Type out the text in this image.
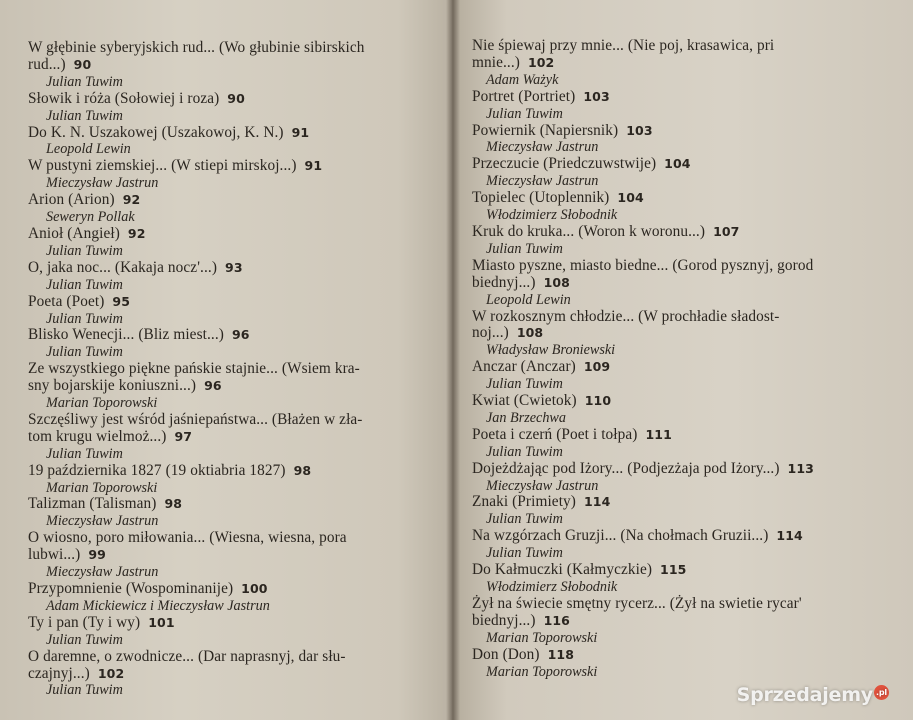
W głębinie syberyjskich rud... (Wo głubinie sibirskich
rud...) 90
Julian Tuwim
Słowik i róża (Sołowiej i roza) 90
Julian Tuwim
Do K. N. Uszakowej (Uszakowoj, K. N.) 91
Leopold Lewin
W pustyni ziemskiej... (W stiepi mirskoj...) 91
Mieczysław Jastrun
Arion (Arion) 92
Seweryn Pollak
Anioł (Angieł) 92
Julian Tuwim
O, jaka noc... (Kakaja nocz'...) 93
Julian Tuwim
Poeta (Poet) 95
Julian Tuwim
Blisko Wenecji... (Bliz miest...) 96
Julian Tuwim
Ze wszystkiego piękne pańskie stajnie... (Wsiem kra-
sny bojarskije koniuszni...) 96
Marian Toporowski
Szczęśliwy jest wśród jaśniepaństwa... (Błażen w zła-
tom krugu wielmoż...) 97
Julian Tuwim
19 października 1827 (19 oktiabria 1827) 98
Marian Toporowski
Talizman (Talisman) 98
Mieczysław Jastrun
O wiosno, poro miłowania... (Wiesna, wiesna, pora
lubwi...) 99
Mieczysław Jastrun
Przypomnienie (Wospominanije) 100
Adam Mickiewicz i Mieczysław Jastrun
Ty i pan (Ty i wy) 101
Julian Tuwim
O daremne, o zwodnicze... (Dar naprasnyj, dar słu-
czajnyj...) 102
Julian Tuwim
Nie śpiewaj przy mnie... (Nie poj, krasawica, pri
mnie...) 102
Adam Ważyk
Portret (Portriet) 103
Julian Tuwim
Powiernik (Napiersnik) 103
Mieczysław Jastrun
Przeczucie (Priedczuwstwije) 104
Mieczysław Jastrun
Topielec (Utoplennik) 104
Włodzimierz Słobodnik
Kruk do kruka... (Woron k woronu...) 107
Julian Tuwim
Miasto pyszne, miasto biedne... (Gorod pysznyj, gorod
biednyj...) 108
Leopold Lewin
W rozkosznym chłodzie... (W prochładie sładost-
noj...) 108
Władysław Broniewski
Anczar (Anczar) 109
Julian Tuwim
Kwiat (Cwietok) 110
Jan Brzechwa
Poeta i czerń (Poet i tołpa) 111
Julian Tuwim
Dojeżdżając pod Iżory... (Podjezżaja pod Iżory...) 113
Mieczysław Jastrun
Znaki (Primiety) 114
Julian Tuwim
Na wzgórzach Gruzji... (Na chołmach Gruzii...) 114
Julian Tuwim
Do Kałmuczki (Kałmyczkie) 115
Włodzimierz Słobodnik
Żył na świecie smętny rycerz... (Żył na swietie rycar'
biednyj...) 116
Marian Toporowski
Don (Don) 118
Marian Toporowski
Sprzedajemy .pl
